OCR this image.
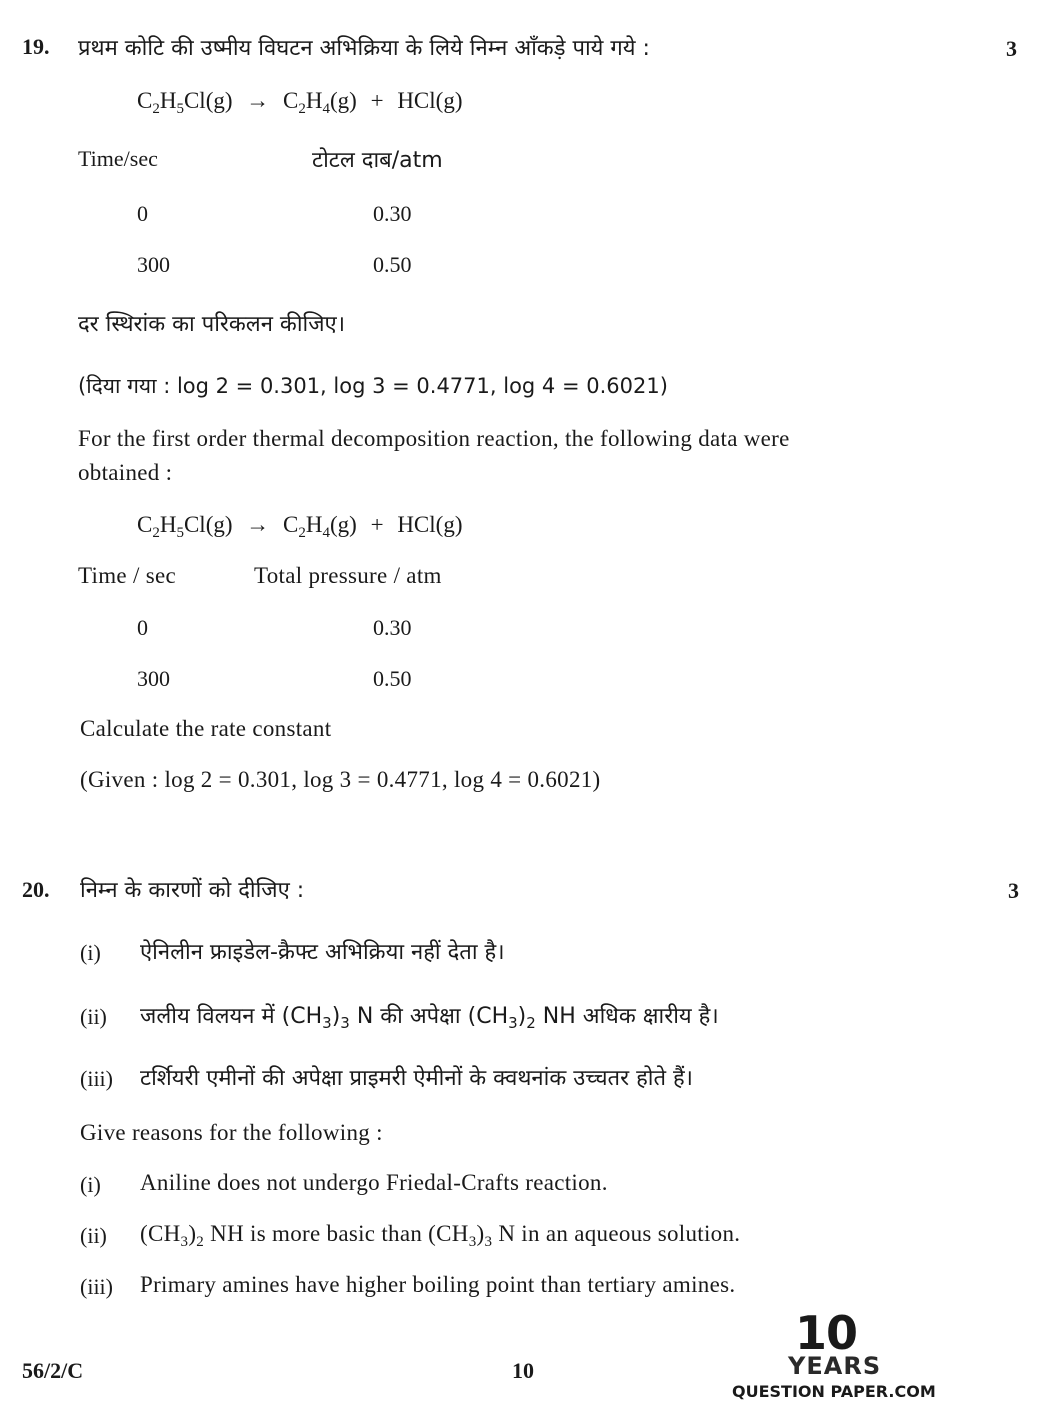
19. प्रथम कोटि की उष्मीय विघटन अभिक्रिया के लिये निम्न आँकड़े पाये गये :	3
$C_2H_5Cl(g) \to C_2H_4(g) + HCl(g)$
Time/sec	टोटल दाब/atm
0	0.30
300	0.50
दर स्थिरांक का परिकलन कीजिए।
(दिया गया : log 2 = 0.301, log 3 = 0.4771, log 4 = 0.6021)
For the first order thermal decomposition reaction, the following data were
obtained :
$C_2H_5Cl(g) \to C_2H_4(g) + HCl(g)$
Time / sec	Total pressure / atm
0	0.30
300	0.50
Calculate the rate constant
(Given : log 2 = 0.301, log 3 = 0.4771, log 4 = 0.6021)
20. निम्न के कारणों को दीजिए :	3
(i) ऐनिलीन फ्राइडेल-क्रैफ्ट अभिक्रिया नहीं देता है।
(ii) जलीय विलयन में $(CH_3)_3$ N की अपेक्षा $(CH_3)_2$ NH अधिक क्षारीय है।
(iii) टर्शियरी एमीनों की अपेक्षा प्राइमरी ऐमीनों के क्वथनांक उच्चतर होते हैं।
Give reasons for the following :
(i) Aniline does not undergo Friedal-Crafts reaction.
(ii) $(CH_3)_2$ NH is more basic than $(CH_3)_3$ N in an aqueous solution.
(iii) Primary amines have higher boiling point than tertiary amines.
56/2/C	10
10
YEARS
QUESTION PAPER.COM
